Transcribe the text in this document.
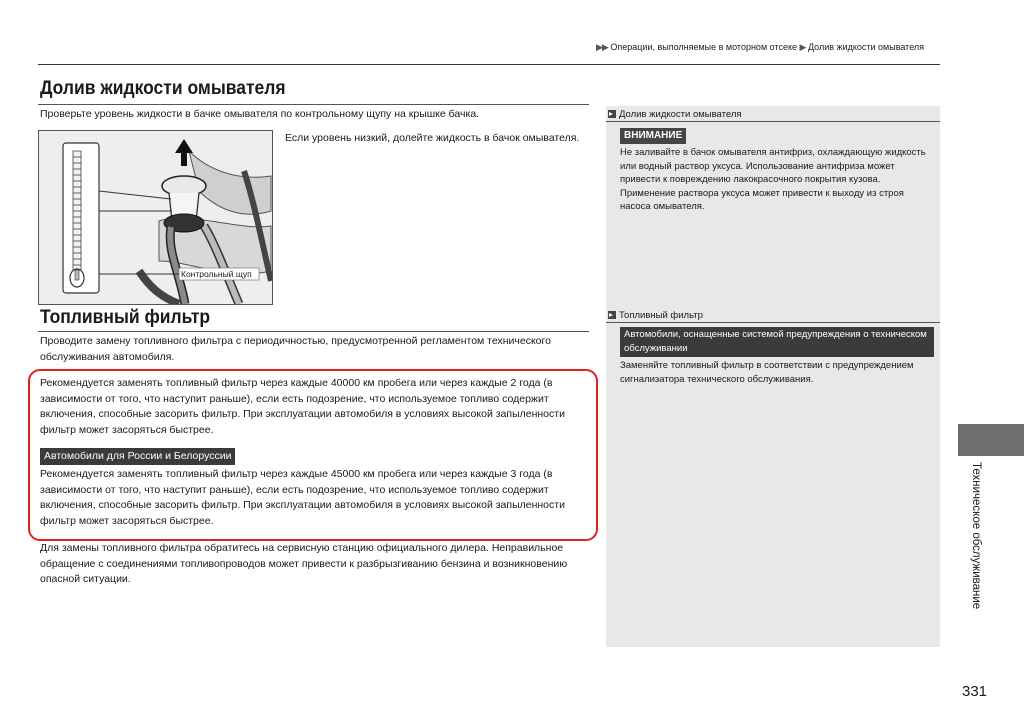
▶▶ Операции, выполняемые в моторном отсеке ▶ Долив жидкости омывателя
Долив жидкости омывателя
Проверьте уровень жидкости в бачке омывателя по контрольному щупу на крышке бачка.
Контрольный щуп
Если уровень низкий, долейте жидкость в бачок омывателя.
Топливный фильтр
Проводите замену топливного фильтра с периодичностью, предусмотренной регламентом технического обслуживания автомобиля.
Рекомендуется заменять топливный фильтр через каждые 40000 км пробега или через каждые 2 года (в зависимости от того, что наступит раньше), если есть подозрение, что используемое топливо содержит включения, способные засорить фильтр. При эксплуатации автомобиля в условиях высокой запыленности фильтр может засоряться быстрее.
Автомобили для России и Белоруссии
Рекомендуется заменять топливный фильтр через каждые 45000 км пробега или через каждые 3 года (в зависимости от того, что наступит раньше), если есть подозрение, что используемое топливо содержит включения, способные засорить фильтр. При эксплуатации автомобиля в условиях высокой запыленности фильтр может засоряться быстрее.
Для замены топливного фильтра обратитесь на сервисную станцию официального дилера. Неправильное обращение с соединениями топливопроводов может привести к разбрызгиванию бензина и возникновению опасной ситуации.
Долив жидкости омывателя
ВНИМАНИЕ
Не заливайте в бачок омывателя антифриз, охлаждающую жидкость или водный раствор уксуса. Использование антифриза может привести к повреждению лакокрасочного покрытия кузова. Применение раствора уксуса может привести к выходу из строя насоса омывателя.
Топливный фильтр
Автомобили, оснащенные системой предупреждения о техническом обслуживании
Заменяйте топливный фильтр в соответствии с предупреждением сигнализатора технического обслуживания.
Техническое обслуживание
331
